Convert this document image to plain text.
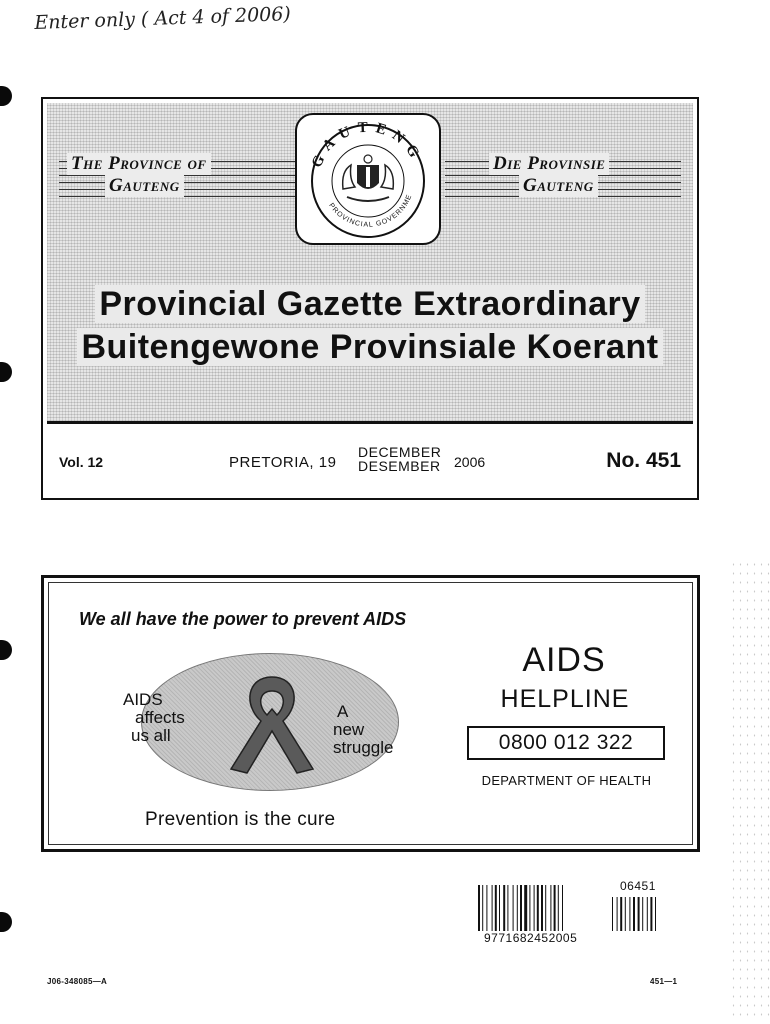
Enter only ( Act 4 of 2006)
The Province of
Gauteng
Die Provinsie
Gauteng
GAUTENG
PROVINCIAL GOVERNME
Provincial Gazette Extraordinary
Buitengewone Provinsiale Koerant
Vol. 12	PRETORIA, 19
DECEMBER
DESEMBER 2006	No. 451
We all have the power to prevent AIDS
AIDS
affects
us all
A
new
struggle
Prevention is the cure
AIDS
HELPLINE
0800 012 322
DEPARTMENT OF HEALTH
06451
9771682452005
J06-348085—A	451—1
